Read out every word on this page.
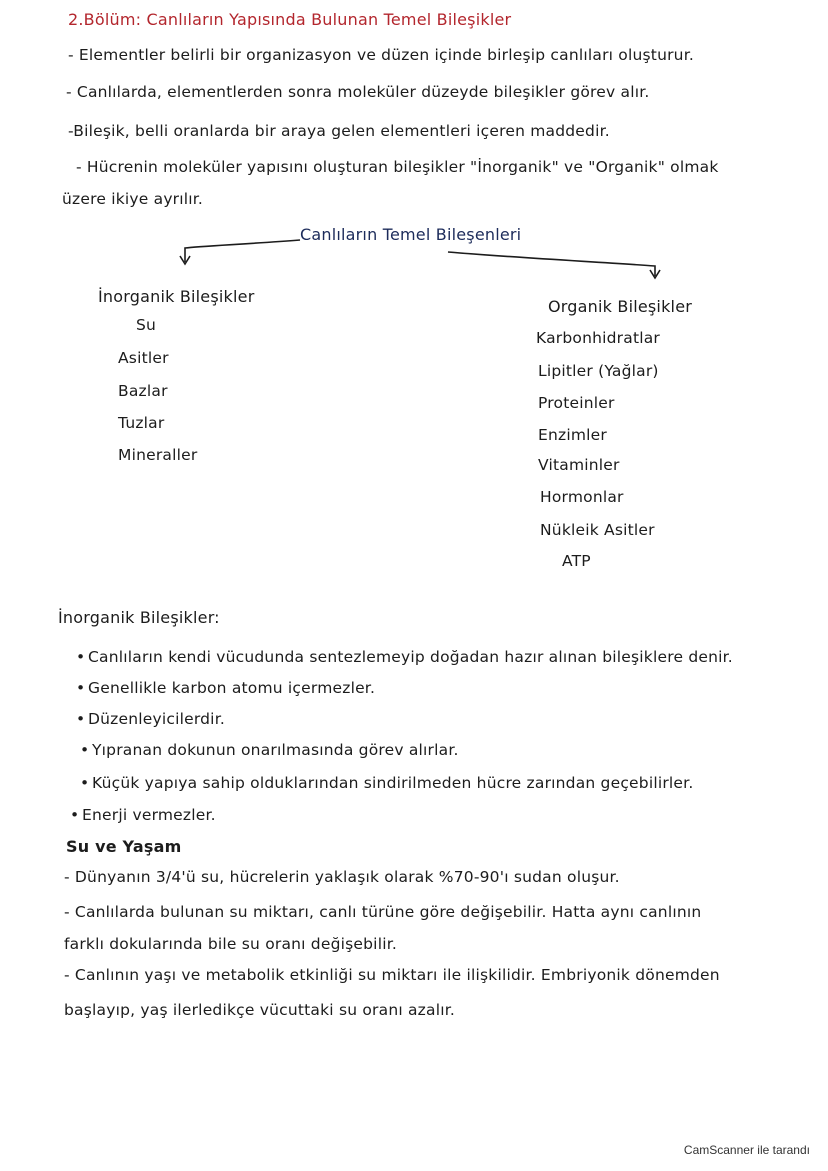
2.Bölüm: Canlıların Yapısında Bulunan Temel Bileşikler
- Elementler belirli bir organizasyon ve düzen içinde birleşip canlıları oluşturur.
- Canlılarda, elementlerden sonra moleküler düzeyde bileşikler görev alır.
-Bileşik, belli oranlarda bir araya gelen elementleri içeren maddedir.
- Hücrenin moleküler yapısını oluşturan bileşikler "İnorganik" ve "Organik" olmak
üzere ikiye ayrılır.
Canlıların Temel Bileşenleri
İnorganik Bileşikler
Su
Asitler
Bazlar
Tuzlar
Mineraller
Organik Bileşikler
Karbonhidratlar
Lipitler (Yağlar)
Proteinler
Enzimler
Vitaminler
Hormonlar
Nükleik Asitler
ATP
İnorganik Bileşikler:
• Canlıların kendi vücudunda sentezlemeyip doğadan hazır alınan bileşiklere denir.
• Genellikle karbon atomu içermezler.
• Düzenleyicilerdir.
• Yıpranan dokunun onarılmasında görev alırlar.
• Küçük yapıya sahip olduklarından sindirilmeden hücre zarından geçebilirler.
• Enerji vermezler.
Su ve Yaşam
- Dünyanın 3/4'ü su, hücrelerin yaklaşık olarak %70-90'ı sudan oluşur.
- Canlılarda bulunan su miktarı, canlı türüne göre değişebilir. Hatta aynı canlının
farklı dokularında bile su oranı değişebilir.
- Canlının yaşı ve metabolik etkinliği su miktarı ile ilişkilidir. Embriyonik dönemden
başlayıp, yaş ilerledikçe vücuttaki su oranı azalır.
CamScanner ile tarandı
